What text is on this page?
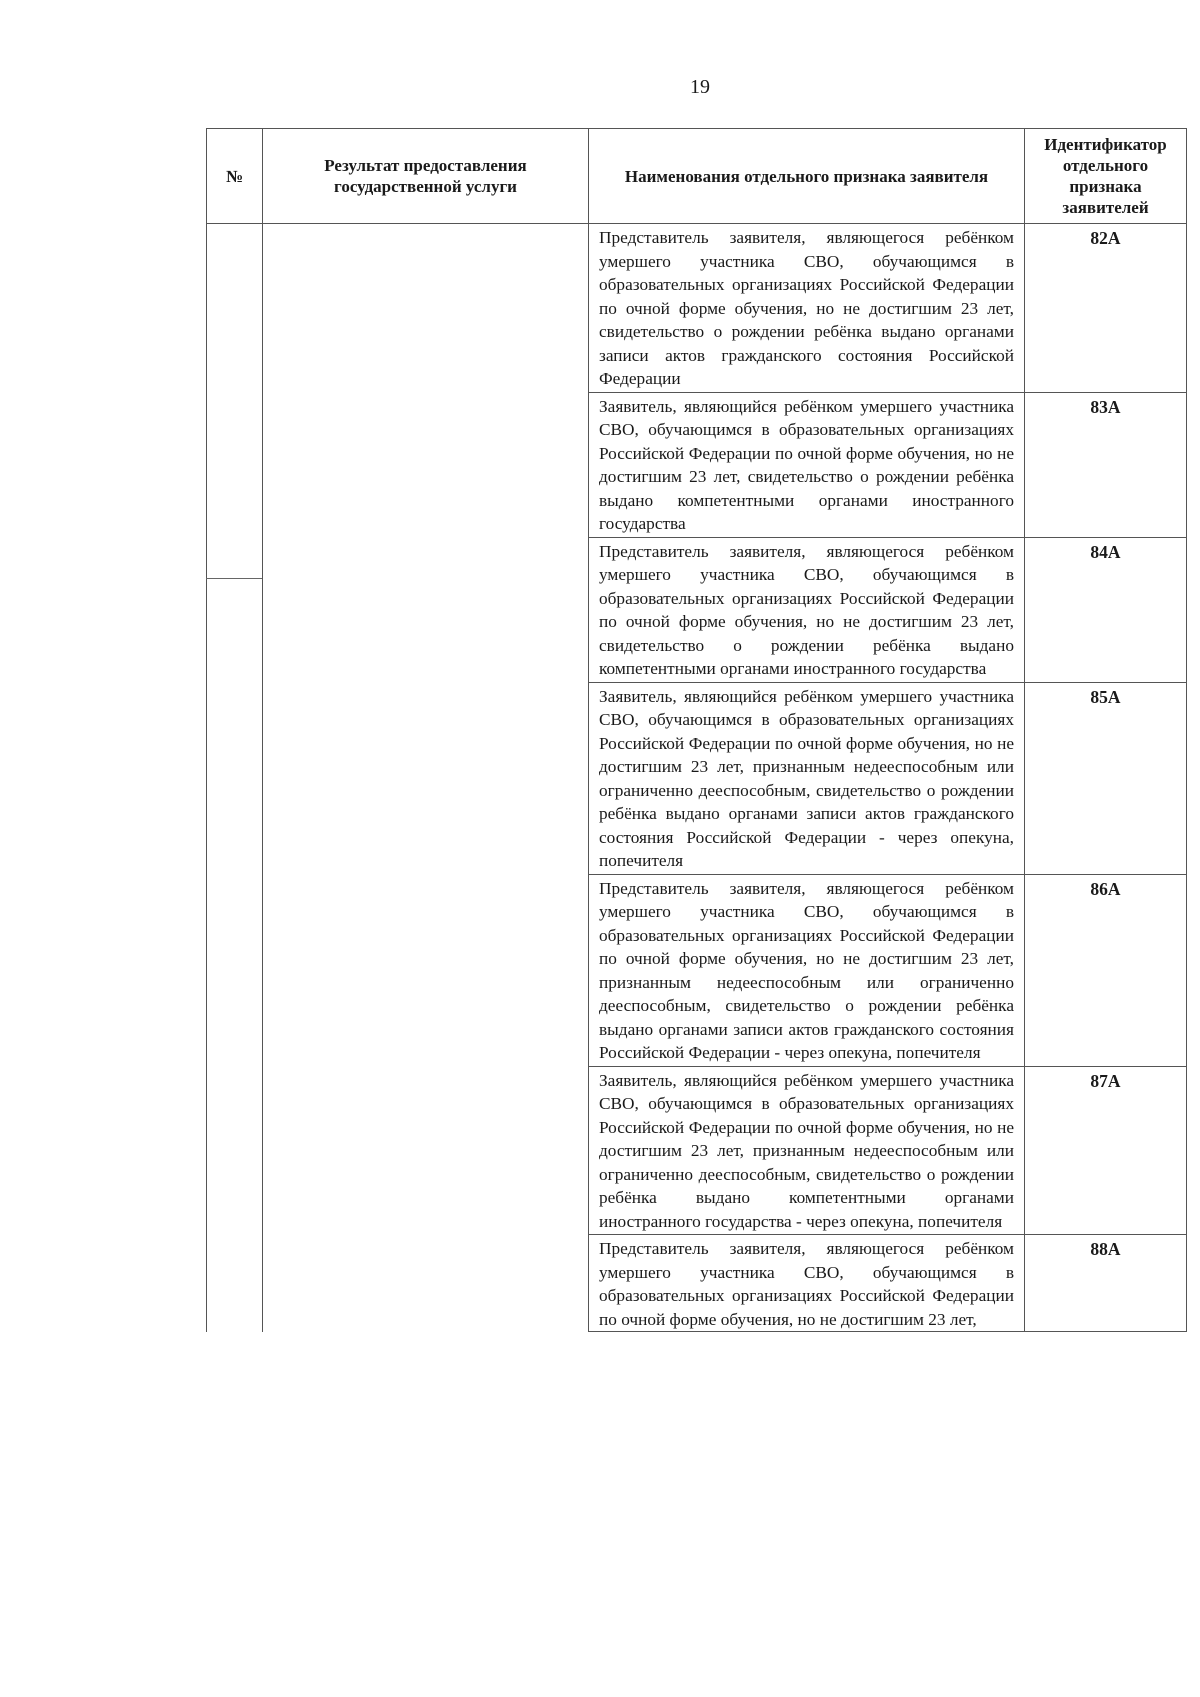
19
№	Результат предоставления государственной услуги	Наименования отдельного признака заявителя	Идентификатор отдельного признака заявителей
		Представитель заявителя, являющегося ребёнком умершего участника СВО, обучающимся в образовательных организациях Российской Федерации по очной форме обучения, но не достигшим 23 лет, свидетельство о рождении ребёнка выдано органами записи актов гражданского состояния Российской Федерации	82А
		Заявитель, являющийся ребёнком умершего участника СВО, обучающимся в образовательных организациях Российской Федерации по очной форме обучения, но не достигшим 23 лет, свидетельство о рождении ребёнка выдано компетентными органами иностранного государства	83А
		Представитель заявителя, являющегося ребёнком умершего участника СВО, обучающимся в образовательных организациях Российской Федерации по очной форме обучения, но не достигшим 23 лет, свидетельство о рождении ребёнка выдано компетентными органами иностранного государства	84А
		Заявитель, являющийся ребёнком умершего участника СВО, обучающимся в образовательных организациях Российской Федерации по очной форме обучения, но не достигшим 23 лет, признанным недееспособным или ограниченно дееспособным, свидетельство о рождении ребёнка выдано органами записи актов гражданского состояния Российской Федерации - через опекуна, попечителя	85А
		Представитель заявителя, являющегося ребёнком умершего участника СВО, обучающимся в образовательных организациях Российской Федерации по очной форме обучения, но не достигшим 23 лет, признанным недееспособным или ограниченно дееспособным, свидетельство о рождении ребёнка выдано органами записи актов гражданского состояния Российской Федерации - через опекуна, попечителя	86А
		Заявитель, являющийся ребёнком умершего участника СВО, обучающимся в образовательных организациях Российской Федерации по очной форме обучения, но не достигшим 23 лет, признанным недееспособным или ограниченно дееспособным, свидетельство о рождении ребёнка выдано компетентными органами иностранного государства - через опекуна, попечителя	87А
		Представитель заявителя, являющегося ребёнком умершего участника СВО, обучающимся в образовательных организациях Российской Федерации по очной форме обучения, но не достигшим 23 лет,	88А
